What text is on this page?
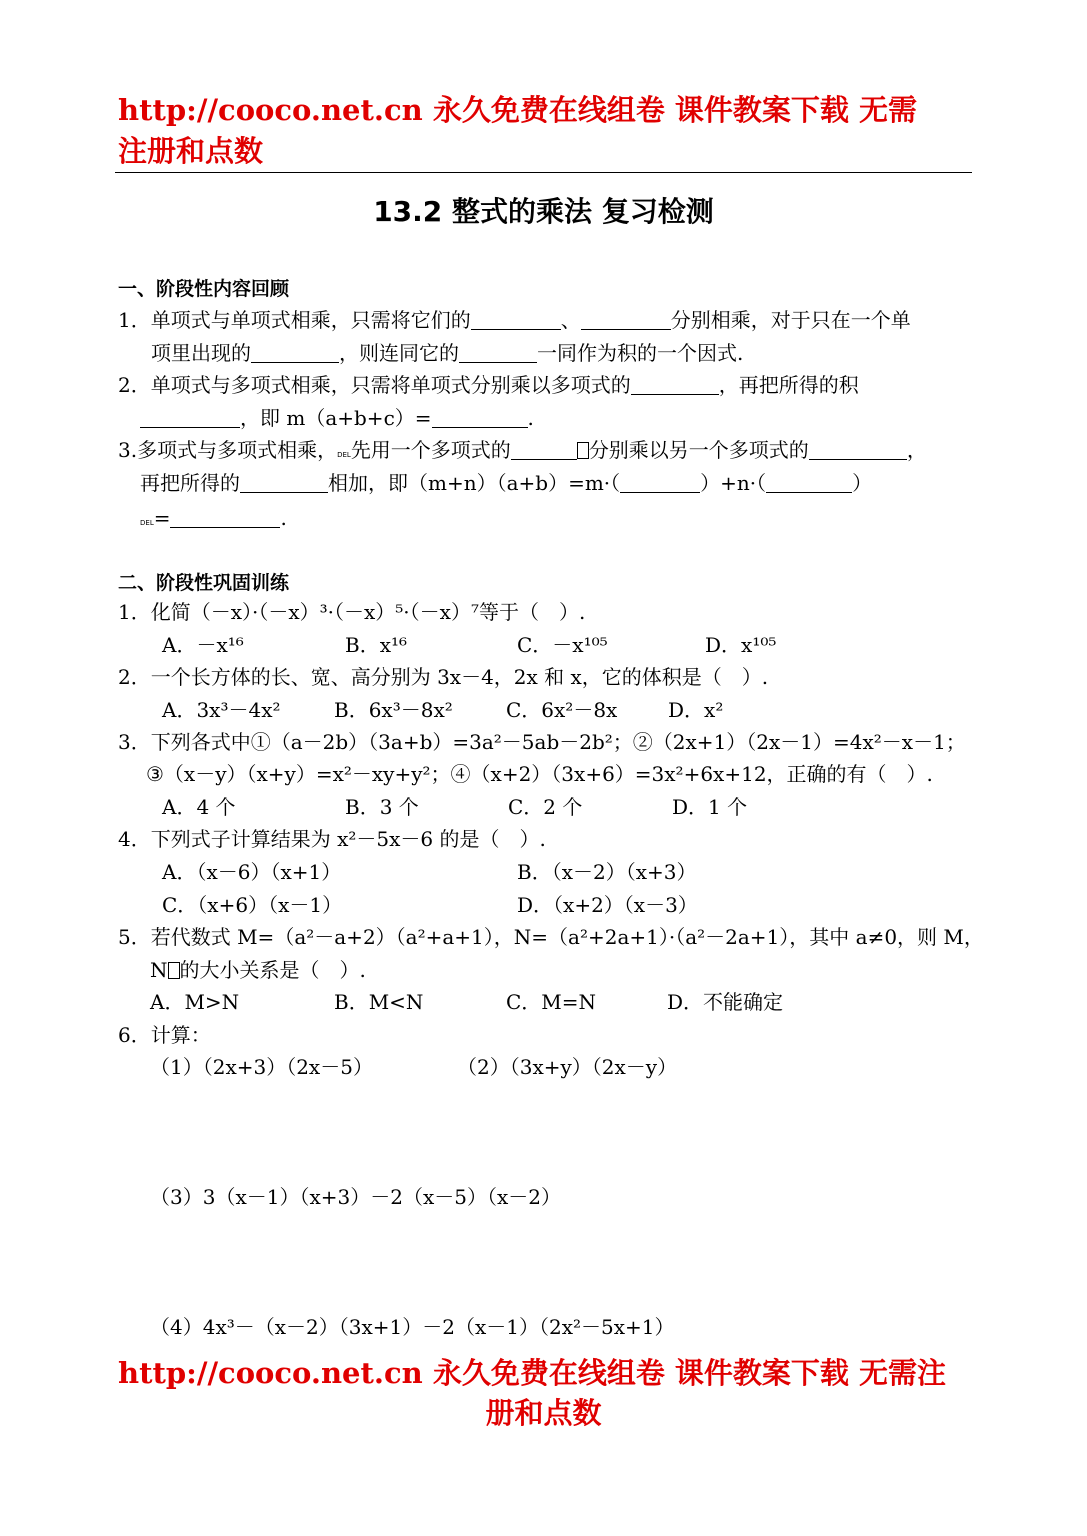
http://cooco.net.cn 永久免费在线组卷 课件教案下载 无需
注册和点数
13.2 整式的乘法 复习检测
一、阶段性内容回顾
1．单项式与单项式相乘，只需将它们的	、	分别相乘，对于只在一个单
项里出现的	，则连同它的	一同作为积的一个因式.
2．单项式与多项式相乘，只需将单项式分别乘以多项式的	，再把所得的积
，即 m（a+b+c）=	.
3.多项式与多项式相乘，DEL先用一个多项式的	分别乘以另一个多项式的	，
再把所得的	相加，即（m+n）（a+b）=m·（	）+n·（	）
DEL=	.
二、阶段性巩固训练
1．化简（－x）·（－x）³·（－x）⁵·（－x）⁷等于（　）.
A．－x¹⁶	B．x¹⁶	C．－x¹⁰⁵	D．x¹⁰⁵
2．一个长方体的长、宽、高分别为 3x－4，2x 和 x，它的体积是（　）.
A．3x³－4x²	B．6x³－8x²	C．6x²－8x	D．x²
3．下列各式中①（a－2b）（3a+b）=3a²－5ab－2b²；②（2x+1）（2x－1）=4x²－x－1；
③（x－y）（x+y）=x²－xy+y²；④（x+2）（3x+6）=3x²+6x+12，正确的有（　）.
A．4 个	B．3 个	C．2 个	D．1 个
4．下列式子计算结果为 x²－5x－6 的是（　）.
A．（x－6）（x+1）	B．（x－2）（x+3）
C．（x+6）（x－1）	D．（x+2）（x－3）
5．若代数式 M=（a²－a+2）（a²+a+1），N=（a²+2a+1）·（a²－2a+1），其中 a≠0，则 M，
N 的大小关系是（　）.
A．M>N	B．M<N	C．M=N	D．不能确定
6．计算：
（1）（2x+3）（2x－5）	（2）（3x+y）（2x－y）
（3）3（x－1）（x+3）－2（x－5）（x－2）
（4）4x³－（x－2）（3x+1）－2（x－1）（2x²－5x+1）
http://cooco.net.cn 永久免费在线组卷 课件教案下载 无需注
册和点数
